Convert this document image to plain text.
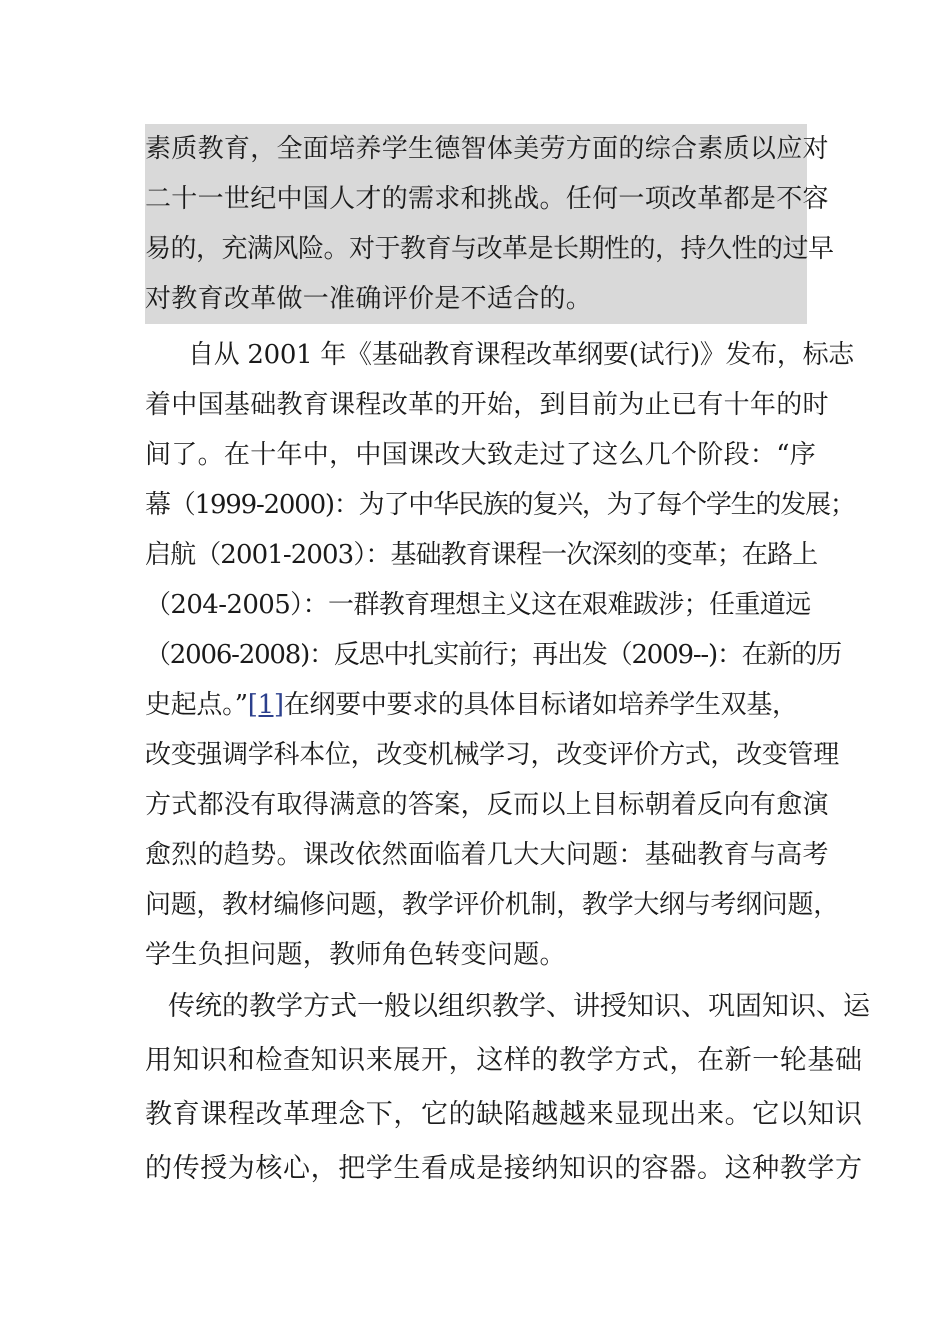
素质教育，全面培养学生德智体美劳方面的综合素质以应对
二十一世纪中国人才的需求和挑战。任何一项改革都是不容
易的，充满风险。对于教育与改革是长期性的，持久性的过早
对教育改革做一准确评价是不适合的。
自从 2001 年《基础教育课程改革纲要(试行)》发布，标志
着中国基础教育课程改革的开始，到目前为止已有十年的时
间了。在十年中，中国课改大致走过了这么几个阶段：“序
幕（1999-2000)：为了中华民族的复兴，为了每个学生的发展；
启航（2001-2003）：基础教育课程一次深刻的变革；在路上
（204-2005）：一群教育理想主义这在艰难跋涉；任重道远
（2006-2008)：反思中扎实前行；再出发（2009--)：在新的历
史起点。”[1]在纲要中要求的具体目标诸如培养学生双基，
改变强调学科本位，改变机械学习，改变评价方式，改变管理
方式都没有取得满意的答案，反而以上目标朝着反向有愈演
愈烈的趋势。课改依然面临着几大大问题：基础教育与高考
问题，教材编修问题，教学评价机制，教学大纲与考纲问题，
学生负担问题，教师角色转变问题。
传统的教学方式一般以组织教学、讲授知识、巩固知识、运
用知识和检查知识来展开，这样的教学方式，在新一轮基础
教育课程改革理念下，它的缺陷越越来显现出来。它以知识
的传授为核心，把学生看成是接纳知识的容器。这种教学方
